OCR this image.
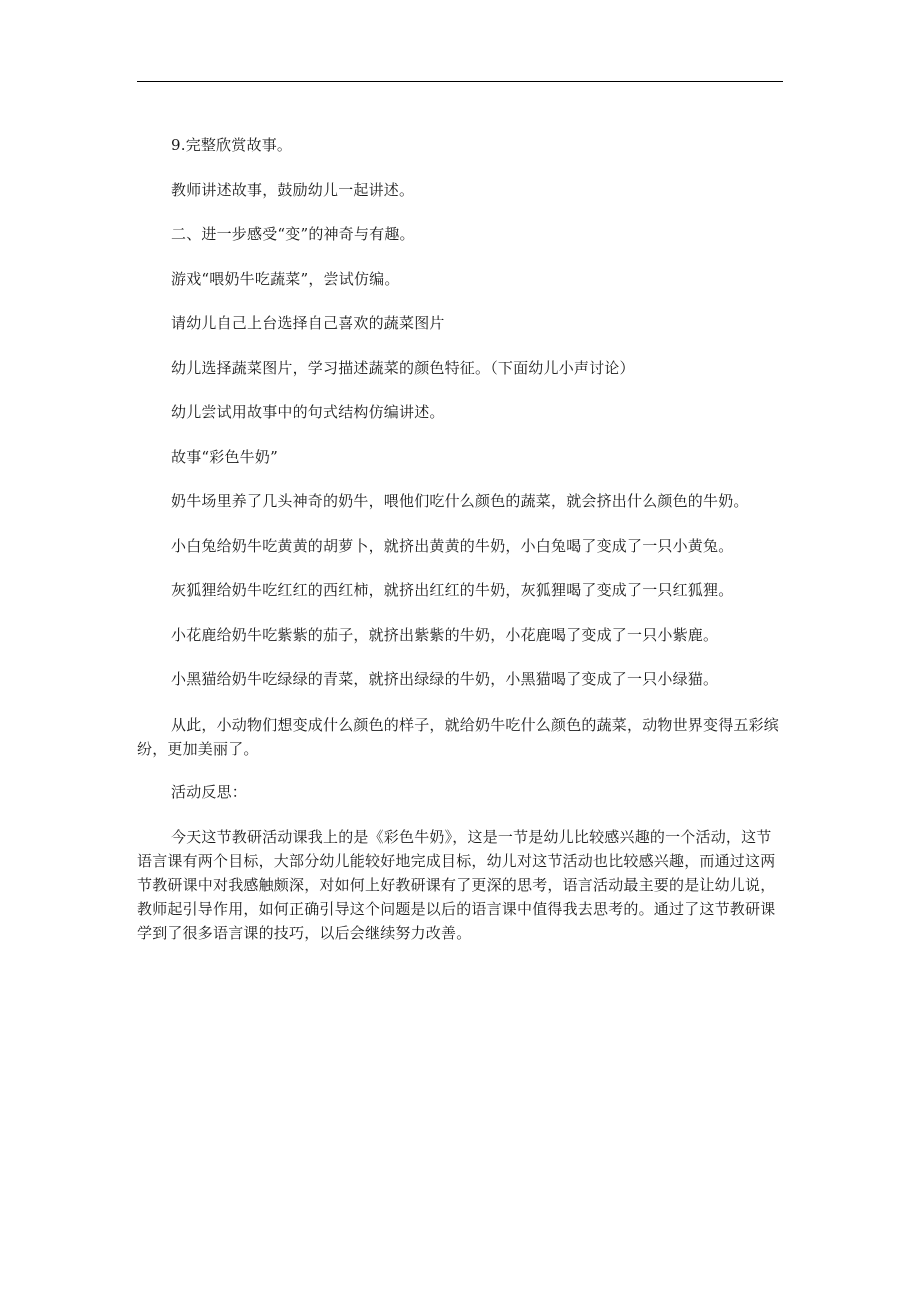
9.完整欣赏故事。

教师讲述故事，鼓励幼儿一起讲述。

二、进一步感受“变”的神奇与有趣。

游戏“喂奶牛吃蔬菜”，尝试仿编。

请幼儿自己上台选择自己喜欢的蔬菜图片

幼儿选择蔬菜图片，学习描述蔬菜的颜色特征。（下面幼儿小声讨论）

幼儿尝试用故事中的句式结构仿编讲述。

故事“彩色牛奶”

奶牛场里养了几头神奇的奶牛，喂他们吃什么颜色的蔬菜，就会挤出什么颜色的牛奶。

小白兔给奶牛吃黄黄的胡萝卜，就挤出黄黄的牛奶，小白兔喝了变成了一只小黄兔。

灰狐狸给奶牛吃红红的西红柿，就挤出红红的牛奶，灰狐狸喝了变成了一只红狐狸。

小花鹿给奶牛吃紫紫的茄子，就挤出紫紫的牛奶，小花鹿喝了变成了一只小紫鹿。

小黑猫给奶牛吃绿绿的青菜，就挤出绿绿的牛奶，小黑猫喝了变成了一只小绿猫。

从此，小动物们想变成什么颜色的样子，就给奶牛吃什么颜色的蔬菜，动物世界变得五彩缤纷，更加美丽了。

活动反思：

今天这节教研活动课我上的是《彩色牛奶》，这是一节是幼儿比较感兴趣的一个活动，这节语言课有两个目标，大部分幼儿能较好地完成目标，幼儿对这节活动也比较感兴趣，而通过这两节教研课中对我感触颇深，对如何上好教研课有了更深的思考，语言活动最主要的是让幼儿说，教师起引导作用，如何正确引导这个问题是以后的语言课中值得我去思考的。通过了这节教研课学到了很多语言课的技巧，以后会继续努力改善。
